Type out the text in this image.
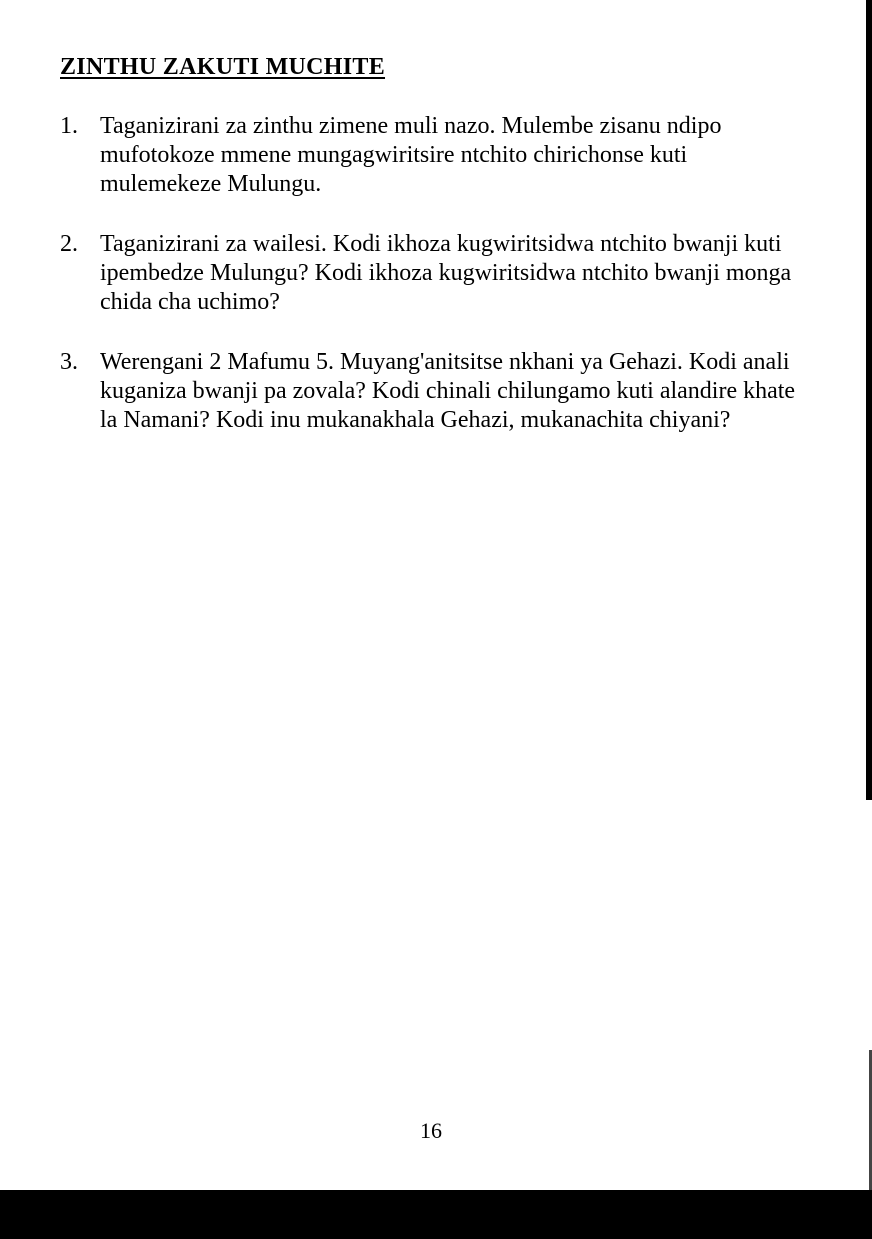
ZINTHU ZAKUTI MUCHITE
1. Taganizirani za zinthu zimene muli nazo. Mulembe zisanu ndipo mufotokoze mmene mungagwiritsire ntchito chirichonse kuti mulemekeze Mulungu.
2. Taganizirani za wailesi. Kodi ikhoza kugwiritsidwa ntchito bwanji kuti ipembedze Mulungu? Kodi ikhoza kugwiritsidwa ntchito bwanji monga chida cha uchimo?
3. Werengani 2 Mafumu 5. Muyang'anitsitse nkhani ya Gehazi. Kodi anali kuganiza bwanji pa zovala? Kodi chinali chilungamo kuti alandire khate la Namani? Kodi inu mukanakhala Gehazi, mukanachita chiyani?
16
